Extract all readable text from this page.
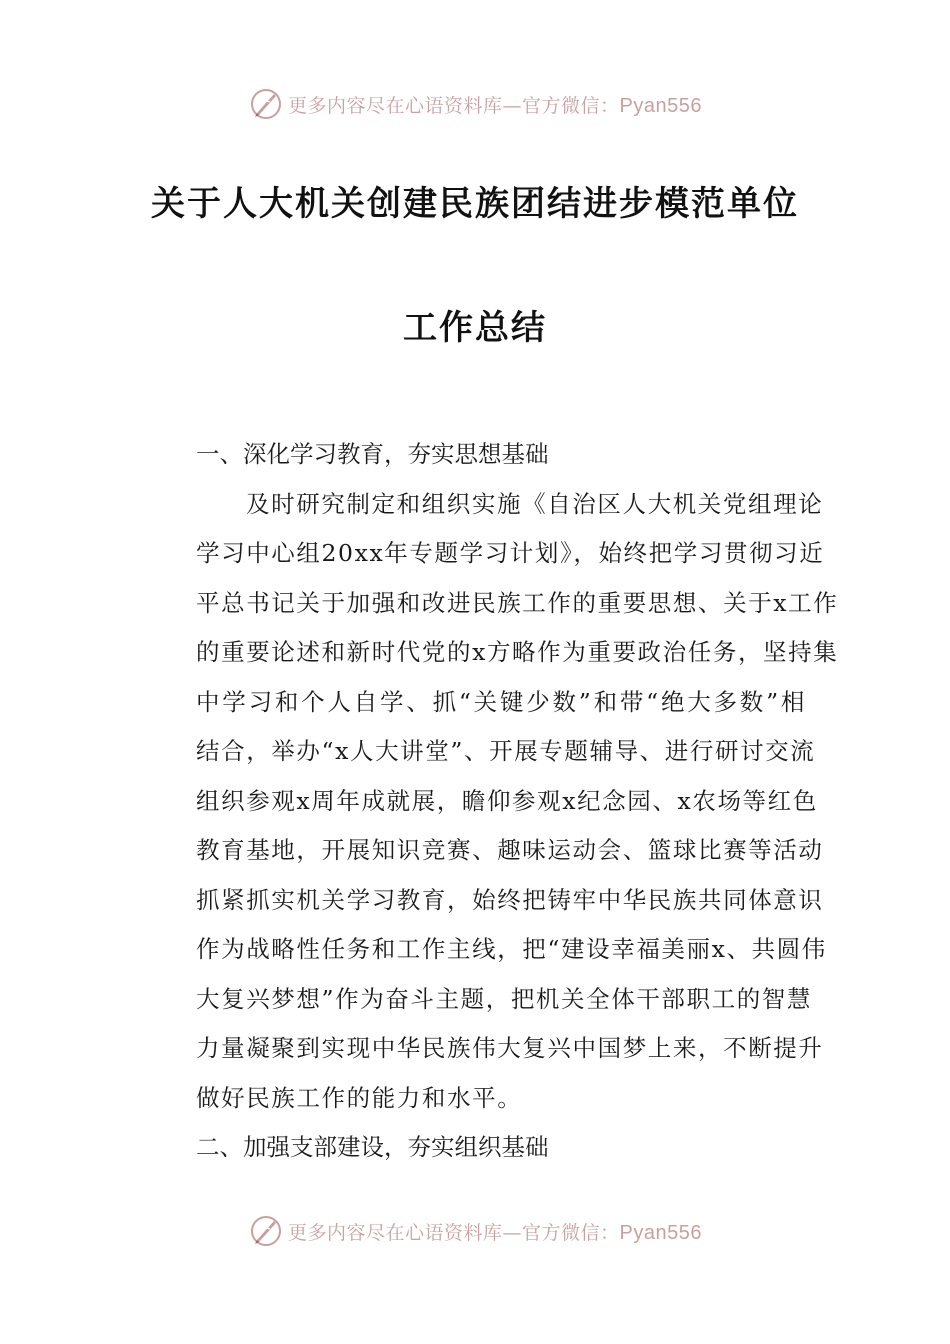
更多内容尽在心语资料库—官方微信：Pyan556
关于人大机关创建民族团结进步模范单位
工作总结

一、深化学习教育，夯实思想基础

及时研究制定和组织实施《自治区人大机关党组理论
学习中心组20xx年专题学习计划》，始终把学习贯彻习近
平总书记关于加强和改进民族工作的重要思想、关于x工作
的重要论述和新时代党的x方略作为重要政治任务，坚持集
中学习和个人自学、抓“关键少数”和带“绝大多数”相
结合，举办“x人大讲堂”、开展专题辅导、进行研讨交流
组织参观x周年成就展，瞻仰参观x纪念园、x农场等红色
教育基地，开展知识竞赛、趣味运动会、篮球比赛等活动
抓紧抓实机关学习教育，始终把铸牢中华民族共同体意识
作为战略性任务和工作主线，把“建设幸福美丽x、共圆伟
大复兴梦想”作为奋斗主题，把机关全体干部职工的智慧
力量凝聚到实现中华民族伟大复兴中国梦上来，不断提升
做好民族工作的能力和水平。

二、加强支部建设，夯实组织基础

更多内容尽在心语资料库—官方微信：Pyan556
